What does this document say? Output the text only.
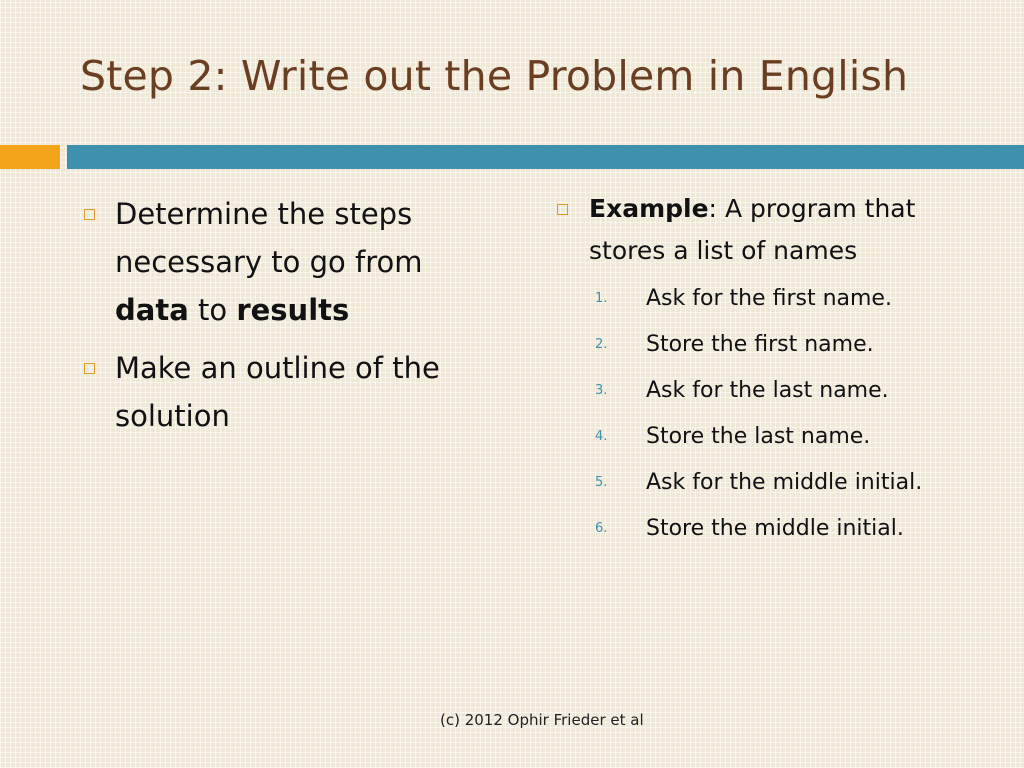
Step 2: Write out the Problem in English
Determine the steps
necessary to go from
data to results
Make an outline of the
solution
Example: A program that
stores a list of names
1. Ask for the first name.
2. Store the first name.
3. Ask for the last name.
4. Store the last name.
5. Ask for the middle initial.
6. Store the middle initial.
(c) 2012 Ophir Frieder et al
